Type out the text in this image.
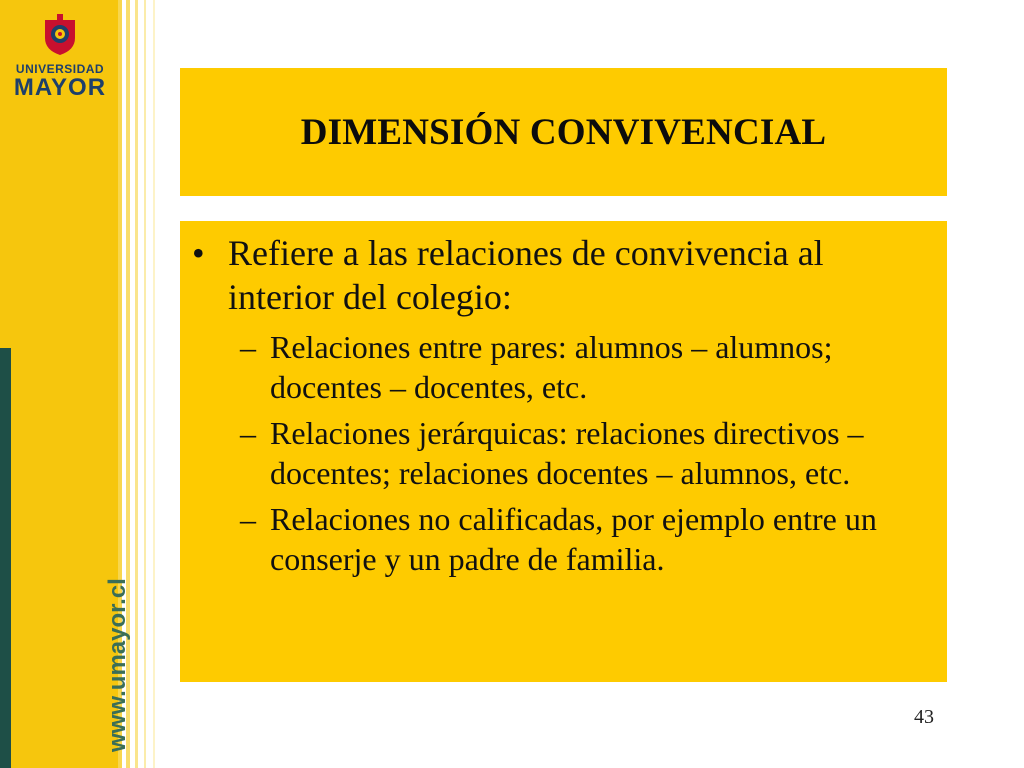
UNIVERSIDAD
MAYOR
www.umayor.cl
DIMENSIÓN CONVIVENCIAL
• Refiere a las relaciones de convivencia al interior del colegio:
– Relaciones entre pares: alumnos – alumnos; docentes – docentes, etc.
– Relaciones jerárquicas: relaciones directivos – docentes; relaciones docentes – alumnos, etc.
– Relaciones no calificadas, por ejemplo entre un conserje y un padre de familia.
43
